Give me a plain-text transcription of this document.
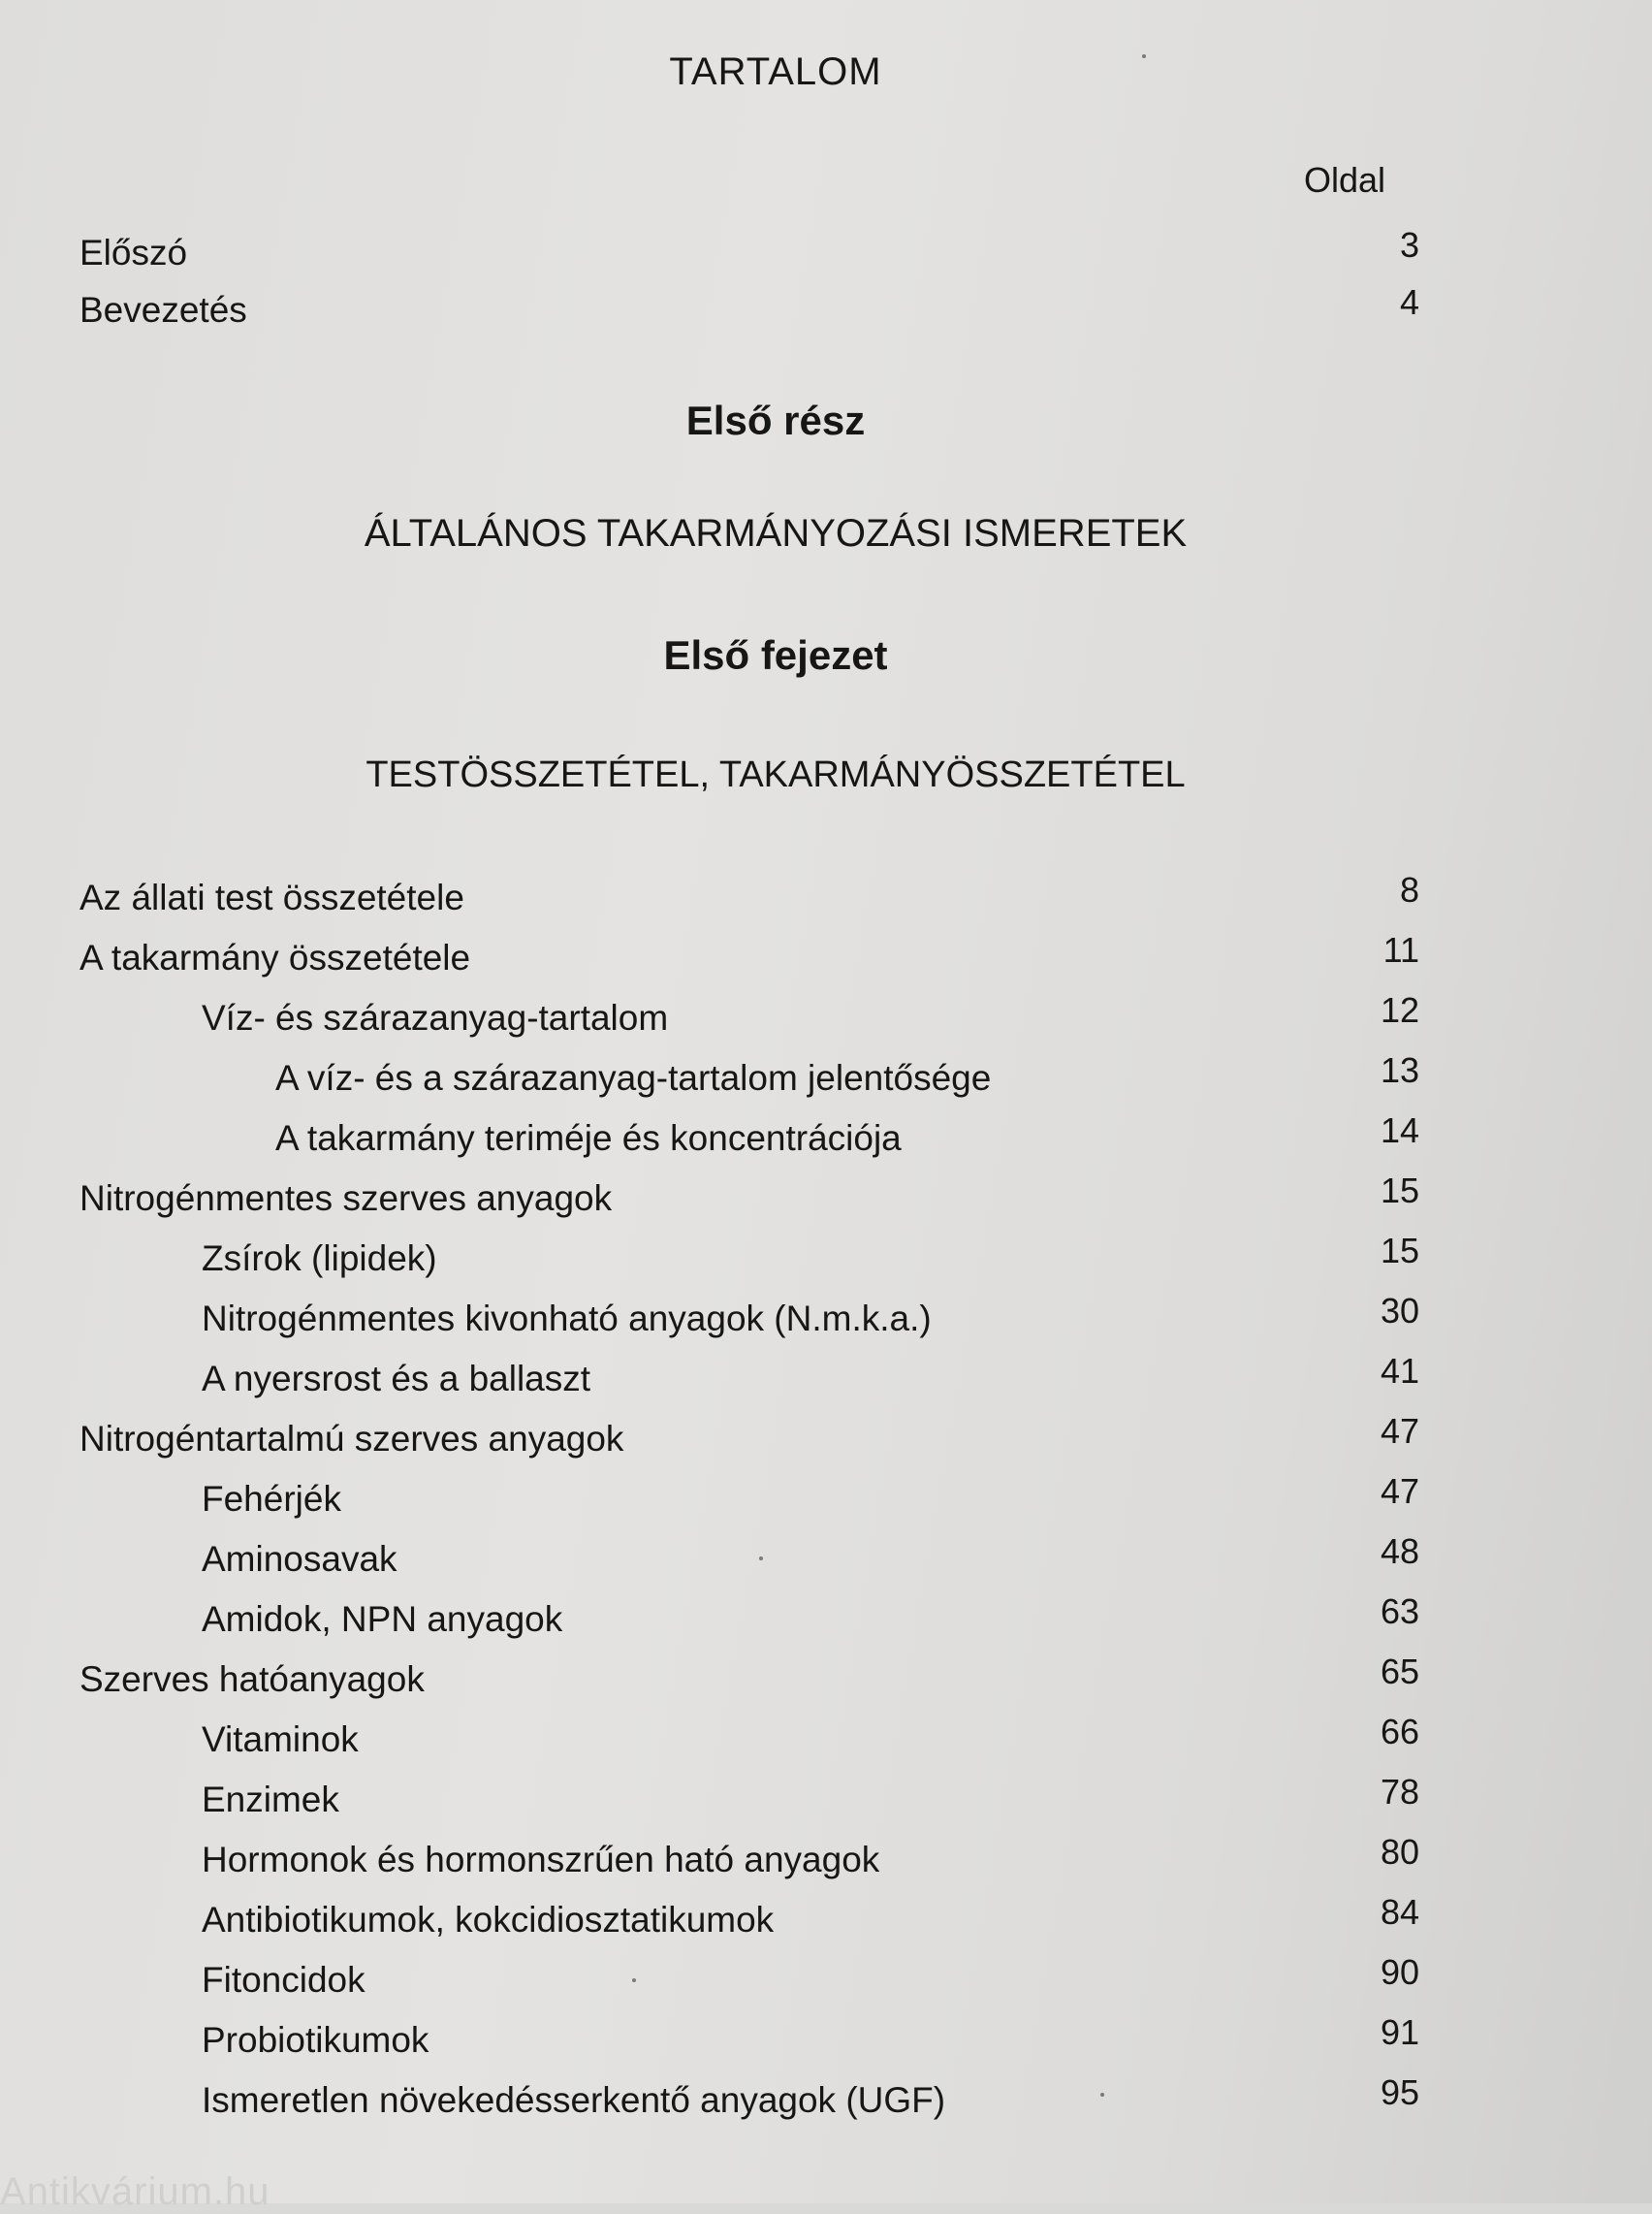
TARTALOM
Oldal
Előszó	3
Bevezetés	4
Első rész
ÁLTALÁNOS TAKARMÁNYOZÁSI ISMERETEK
Első fejezet
TESTÖSSZETÉTEL, TAKARMÁNYÖSSZETÉTEL
Az állati test összetétele	8
A takarmány összetétele	11
Víz- és szárazanyag-tartalom	12
A víz- és a szárazanyag-tartalom jelentősége	13
A takarmány teriméje és koncentrációja	14
Nitrogénmentes szerves anyagok	15
Zsírok (lipidek)	15
Nitrogénmentes kivonható anyagok (N.m.k.a.)	30
A nyersrost és a ballaszt	41
Nitrogéntartalmú szerves anyagok	47
Fehérjék	47
Aminosavak	48
Amidok, NPN anyagok	63
Szerves hatóanyagok	65
Vitaminok	66
Enzimek	78
Hormonok és hormonszrűen ható anyagok	80
Antibiotikumok, kokcidiosztatikumok	84
Fitoncidok	90
Probiotikumok	91
Ismeretlen növekedésserkentő anyagok (UGF)	95
Antikvárium.hu
